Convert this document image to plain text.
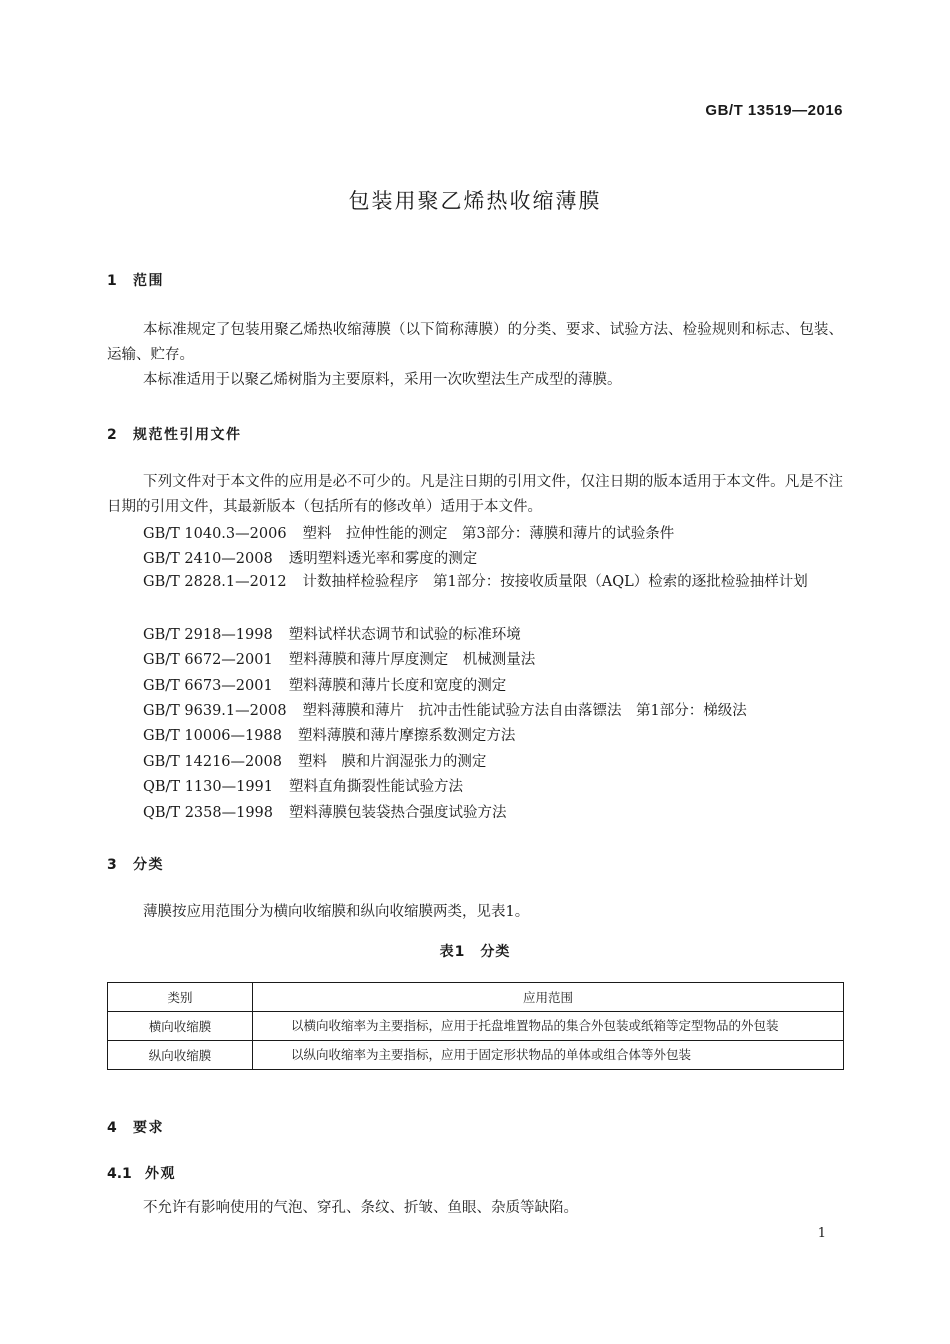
GB/T 13519—2016
包装用聚乙烯热收缩薄膜
1 范围
本标准规定了包装用聚乙烯热收缩薄膜（以下简称薄膜）的分类、要求、试验方法、检验规则和标志、包装、运输、贮存。
本标准适用于以聚乙烯树脂为主要原料，采用一次吹塑法生产成型的薄膜。
2 规范性引用文件
下列文件对于本文件的应用是必不可少的。凡是注日期的引用文件，仅注日期的版本适用于本文件。凡是不注日期的引用文件，其最新版本（包括所有的修改单）适用于本文件。
GB/T 1040.3—2006 塑料　拉伸性能的测定　第3部分：薄膜和薄片的试验条件
GB/T 2410—2008 透明塑料透光率和雾度的测定
GB/T 2828.1—2012 计数抽样检验程序　第1部分：按接收质量限（AQL）检索的逐批检验抽样计划
GB/T 2918—1998 塑料试样状态调节和试验的标准环境
GB/T 6672—2001 塑料薄膜和薄片厚度测定　机械测量法
GB/T 6673—2001 塑料薄膜和薄片长度和宽度的测定
GB/T 9639.1—2008 塑料薄膜和薄片　抗冲击性能试验方法自由落镖法　第1部分：梯级法
GB/T 10006—1988 塑料薄膜和薄片摩擦系数测定方法
GB/T 14216—2008 塑料　膜和片润湿张力的测定
QB/T 1130—1991 塑料直角撕裂性能试验方法
QB/T 2358—1998 塑料薄膜包装袋热合强度试验方法
3 分类
薄膜按应用范围分为横向收缩膜和纵向收缩膜两类，见表1。
表1　分类
类别	应用范围
横向收缩膜	以横向收缩率为主要指标，应用于托盘堆置物品的集合外包装或纸箱等定型物品的外包装
纵向收缩膜	以纵向收缩率为主要指标，应用于固定形状物品的单体或组合体等外包装
4 要求
4.1 外观
不允许有影响使用的气泡、穿孔、条纹、折皱、鱼眼、杂质等缺陷。
1
